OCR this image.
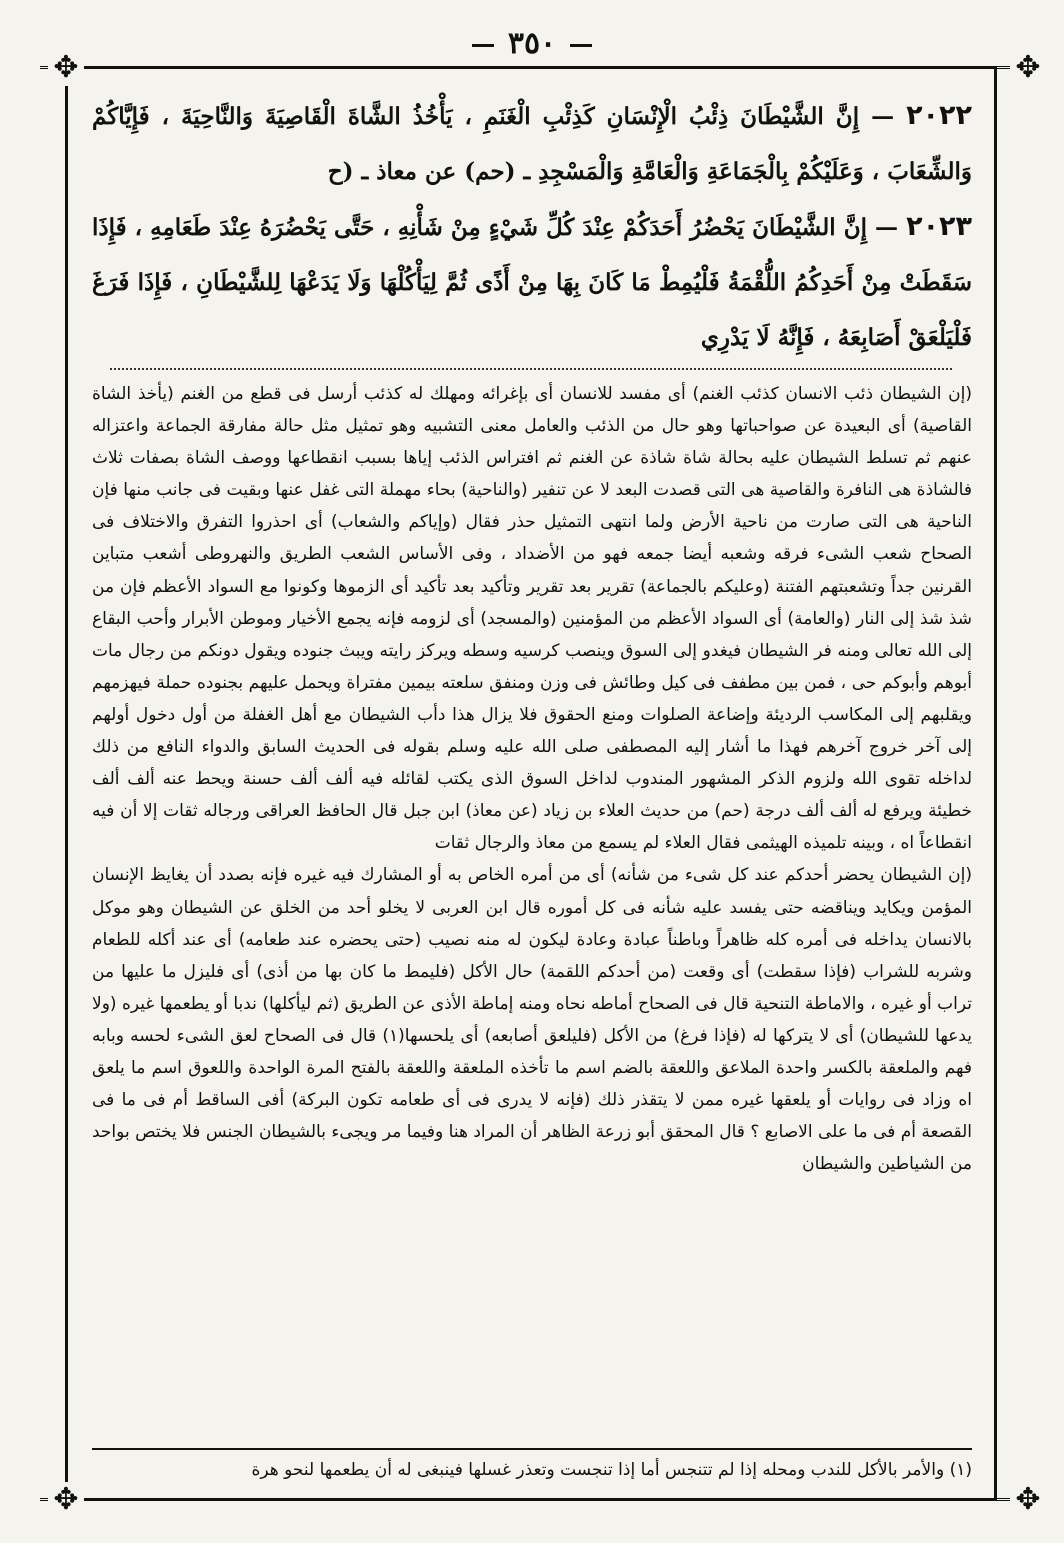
٣٥٠
✥	✥
✥	✥

٢٠٢٢ — إِنَّ الشَّيْطَانَ ذِئْبُ الْإِنْسَانِ كَذِئْبِ الْغَنَمِ ، يَأْخُذُ الشَّاةَ الْقَاصِيَةَ وَالنَّاحِيَةَ ، فَإِيَّاكُمْ وَالشِّعَابَ ، وَعَلَيْكُمْ بِالْجَمَاعَةِ وَالْعَامَّةِ وَالْمَسْجِدِ ـ (حم) عن معاذ ـ (ح

٢٠٢٣ — إِنَّ الشَّيْطَانَ يَحْضُرُ أَحَدَكُمْ عِنْدَ كُلِّ شَيْءٍ مِنْ شَأْنِهِ ، حَتَّى يَحْضُرَهُ عِنْدَ طَعَامِهِ ، فَإِذَا سَقَطَتْ مِنْ أَحَدِكُمُ اللُّقْمَةُ فَلْيُمِطْ مَا كَانَ بِهَا مِنْ أَذًى ثُمَّ لِيَأْكُلْهَا وَلَا يَدَعْهَا لِلشَّيْطَانِ ، فَإِذَا فَرَغَ فَلْيَلْعَقْ أَصَابِعَهُ ، فَإِنَّهُ لَا يَدْرِي

(إن الشيطان ذئب الانسان كذئب الغنم) أى مفسد للانسان أى بإغرائه ومهلك له كذئب أرسل فى قطع من الغنم (يأخذ الشاة القاصية) أى البعيدة عن صواحباتها وهو حال من الذئب والعامل معنى التشبيه وهو تمثيل مثل حالة مفارقة الجماعة واعتزاله عنهم ثم تسلط الشيطان عليه بحالة شاة شاذة عن الغنم ثم افتراس الذئب إياها بسبب انقطاعها ووصف الشاة بصفات ثلاث فالشاذة هى النافرة والقاصية هى التى قصدت البعد لا عن تنفير (والناحية) بحاء مهملة التى غفل عنها وبقيت فى جانب منها فإن الناحية هى التى صارت من ناحية الأرض ولما انتهى التمثيل حذر فقال (وإياكم والشعاب) أى احذروا التفرق والاختلاف فى الصحاح شعب الشىء فرقه وشعبه أيضا جمعه فهو من الأضداد ، وفى الأساس الشعب الطريق والنهروطى أشعب متباين القرنين جداً وتشعبتهم الفتنة (وعليكم بالجماعة) تقرير بعد تقرير وتأكيد بعد تأكيد أى الزموها وكونوا مع السواد الأعظم فإن من شذ شذ إلى النار (والعامة) أى السواد الأعظم من المؤمنين (والمسجد) أى لزومه فإنه يجمع الأخيار وموطن الأبرار وأحب البقاع إلى الله تعالى ومنه فر الشيطان فيغدو إلى السوق وينصب كرسيه وسطه ويركز رايته ويبث جنوده ويقول دونكم من رجال مات أبوهم وأبوكم حى ، فمن بين مطفف فى كيل وطائش فى وزن ومنفق سلعته بيمين مفتراة ويحمل عليهم بجنوده حملة فيهزمهم ويقلبهم إلى المكاسب الرديئة وإضاعة الصلوات ومنع الحقوق فلا يزال هذا دأب الشيطان مع أهل الغفلة من أول دخول أولهم إلى آخر خروج آخرهم فهذا ما أشار إليه المصطفى صلى الله عليه وسلم بقوله فى الحديث السابق والدواء النافع من ذلك لداخله تقوى الله ولزوم الذكر المشهور المندوب لداخل السوق الذى يكتب لقائله فيه ألف ألف حسنة ويحط عنه ألف ألف خطيئة ويرفع له ألف ألف درجة (حم) من حديث العلاء بن زياد (عن معاذ) ابن جبل قال الحافظ العراقى ورجاله ثقات إلا أن فيه انقطاعاً اه ، وبينه تلميذه الهيثمى فقال العلاء لم يسمع من معاذ والرجال ثقات

(إن الشيطان يحضر أحدكم عند كل شىء من شأنه) أى من أمره الخاص به أو المشارك فيه غيره فإنه بصدد أن يغايظ الإنسان المؤمن ويكايد ويناقضه حتى يفسد عليه شأنه فى كل أموره قال ابن العربى لا يخلو أحد من الخلق عن الشيطان وهو موكل بالانسان يداخله فى أمره كله ظاهراً وباطناً عبادة وعادة ليكون له منه نصيب (حتى يحضره عند طعامه) أى عند أكله للطعام وشربه للشراب (فإذا سقطت) أى وقعت (من أحدكم اللقمة) حال الأكل (فليمط ما كان بها من أذى) أى فليزل ما عليها من تراب أو غيره ، والاماطة التنحية قال فى الصحاح أماطه نحاه ومنه إماطة الأذى عن الطريق (ثم ليأكلها) ندبا أو يطعمها غيره (ولا يدعها للشيطان) أى لا يتركها له (فإذا فرغ) من الأكل (فليلعق أصابعه) أى يلحسها(١) قال فى الصحاح لعق الشىء لحسه وبابه فهم والملعقة بالكسر واحدة الملاعق واللعقة بالضم اسم ما تأخذه الملعقة واللعقة بالفتح المرة الواحدة واللعوق اسم ما يلعق اه وزاد فى روايات أو يلعقها غيره ممن لا يتقذر ذلك (فإنه لا يدرى فى أى طعامه تكون البركة) أفى الساقط أم فى ما فى القصعة أم فى ما على الاصابع ؟ قال المحقق أبو زرعة الظاهر أن المراد هنا وفيما مر ويجىء بالشيطان الجنس فلا يختص بواحد من الشياطين والشيطان

(١) والأمر بالأكل للندب ومحله إذا لم تتنجس أما إذا تنجست وتعذر غسلها فينبغى له أن يطعمها لنحو هرة
